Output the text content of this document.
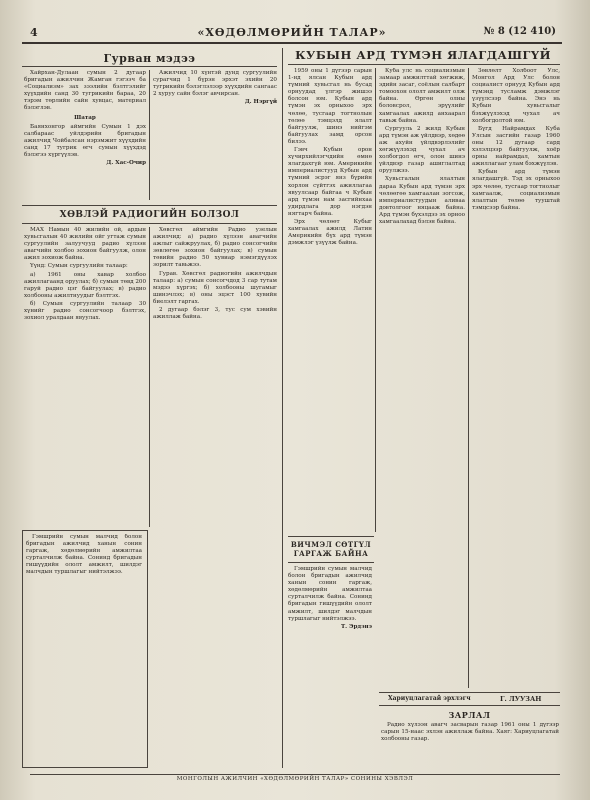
4	«ХӨДӨЛМӨРИЙН ТАЛАР»	№ 8 (12 410)
Гурван мэдээ

Хайрхан-Дулаан сумын 2 дугаар бригадын ажилчин Жамган гэгээч ба «Социализм» зах зээлийн бэлтгэлийг хүүхдийн санд 30 тугрикийн бараа, 20 тэрэм төрлийн сайн хувцас, материал бэлэглэв.

Шатар

Баянхонгор аймгийн Сумын 1 дэх салбараас уйлдэрийн бригадын ажилчид Чойбалсан нэрэмжит хүүхдийн санд 17 тугрик өгч сумын хүүхдэд бэлэгээ хүргүүлэв.

Д. Хас-Очир

Ажилчид 10 хүнтэй дунд сургуулийн сурагчид 1 бүрэн эрхэт эхийн 20 тугрикийн бэлэглэлээр хүүхдийн сангаас 2 хуруу сайн бэлэг авчирсан.

Д. Нэргүй
ХӨВЛЭЙ РАДИОГИЙН БОЛЗОЛ

МАХ Намын 40 жилийн ой, ардын хувьсгалын 40 жилийн ойг угтаж сумын сургуулийн залуучууд радио хүлээн авагчийн холбоо зохион байгуулж, олон ажил зохиож байна.

Үүнд: Сумын сургуулийн талаар:

а) 1961 оны хавар холбоо ажиллагаанд оруулах; б) сумын төвд 200 гаруй радио цэг байгуулах; в) радио холбооны ажилтнуудыг бэлтгэх.

б) Сумын сургуулийн талаар 30 хүнийг радио сонсогчоор бэлтгэх, зохиол уралдаан явуулах.

Хөвсгөл аймгийн Радио узелын ажилчид: а) радио хүлээн авагчийн ажлыг сайжруулах, б) радио сонсогчийн зөвлөгөө зохион байгуулах; в) сумын төвийн радио 50 хувиар нэмэгдүүлэх зорилт тавьжээ.

Гурав. Хөвсгөл радиогийн ажилчдын талаар: а) сумын сонсогчдод 3 сар тутам мэдээ хүргэх; б) холбооны шугамыг шинэчлэх; в) оны эцэст 100 хувийн биелэлт гаргах.

2 дугаар бэлэг 3, тус сум хэвийн ажиллаж байна.

Гэмшрийн сумын малчид болон бригадын ажилчид ханын сонин гаргаж, хөдөлмөрийн амжилтаа сурталчилж байна. Сонинд бригадын гишүүдийн ололт амжилт, шилдэг малчдын туршлагыг нийтэлжээ.

КУБЫН АРД ТҮМЭН ЯЛАГДАШГҮЙ

1959 оны 1 дүгээр сарын 1-нд ялсан Кубын ард түмний хувьсгал нь бусад орнуудад үлгэр жишээ болсон юм. Кубын ард түмэн эх орныхоо эрх чөлөө, тусгаар тогтнолын төлөө тэмцэлд ялалт байгуулж, шинэ нийгэм байгуулах замд орсон билээ.

Гэвч Кубын орон хүчирхийлэгчдийн өмнө ялагдахгүй юм. Америкийн империалистууд Кубын ард түмний эсрэг янз бүрийн хорлон сүйтгэх ажиллагаа явуулсаар байгаа ч Кубын ард түмэн нам засгийнхаа удирдлага дор нэгдэн нягтарч байна.

Эрх чөлөөт Кубыг хамгаалах ажилд Латин Америкийн бүх ард түмэн дэмжлэг үзүүлж байна.

Куба улс нь социализмын замаар амжилттай хөгжиж, эдийн засаг, соёлын салбарт томоохон ололт амжилт олж байна. Өргөн олны боловсрол, эрүүлийг хамгаалах ажилд анхаарал тавьж байна.

Сургууль 2 жилд Кубын ард түмэн аж үйлдвэр, хөдөө аж ахуйн үйлдвэрлэлийг хөгжүүлэхэд чухал ач холбогдол өгч, олон шинэ үйлдвэр газар ашиглалтад оруулжээ.

Хувьсгалын ялалтын дараа Кубын ард түмэн эрх чөлөөгөө хамгаалан зогсож, империалистуудын аливаа довтолгоог няцааж байна. Ард түмэн бүхэлдээ эх орноо хамгаалахад бэлэн байна.

Зөвлөлт Холбоот Улс, Монгол Ард Улс болон социалист орнууд Кубын ард түмэнд тусламж дэмжлэг үзүүлсээр байна. Энэ нь Кубын хувьсгалыг бэхжүүлэхэд чухал ач холбогдолтой юм.

Бүгд Найрамдах Куба Улсын засгийн газар 1960 оны 12 дугаар сард хэлэлцээр байгуулж, хоёр орны найрамдал, хамтын ажиллагааг улам бэхжүүлэв.

Кубын ард түмэн ялагдашгүй. Тэд эх орныхоо эрх чөлөө, тусгаар тогтнолыг хамгаалж, социализмын ялалтын төлөө тууштай тэмцсээр байна.

ВИЧМЭЛ СӨТГҮЛ ГАРГАЖ БАЙНА

Гэмшрийн сумын малчид болон бригадын ажилчид ханын сонин гаргаж, хөдөлмөрийн амжилтаа сурталчилж байна. Сонинд бригадын гишүүдийн ололт амжилт, шилдэг малчдын туршлагыг нийтэлжээ.

Т. Эрдэнэ
Хариуцлагатай эрхлэгч	Г. ЛУУЗАН
ЗАРЛАЛ

Радио хүлээн авагч засварын газар 1961 оны 1 дүгээр сарын 15-наас эхлэн ажиллаж байна. Хаяг: Хариуцлагатай холбооны газар.

МОНГОЛЫН АЖИЛЧИН «ХӨДӨЛМӨРИЙН ТАЛАР» СОНИНЫ ХЭВЛЭЛ
